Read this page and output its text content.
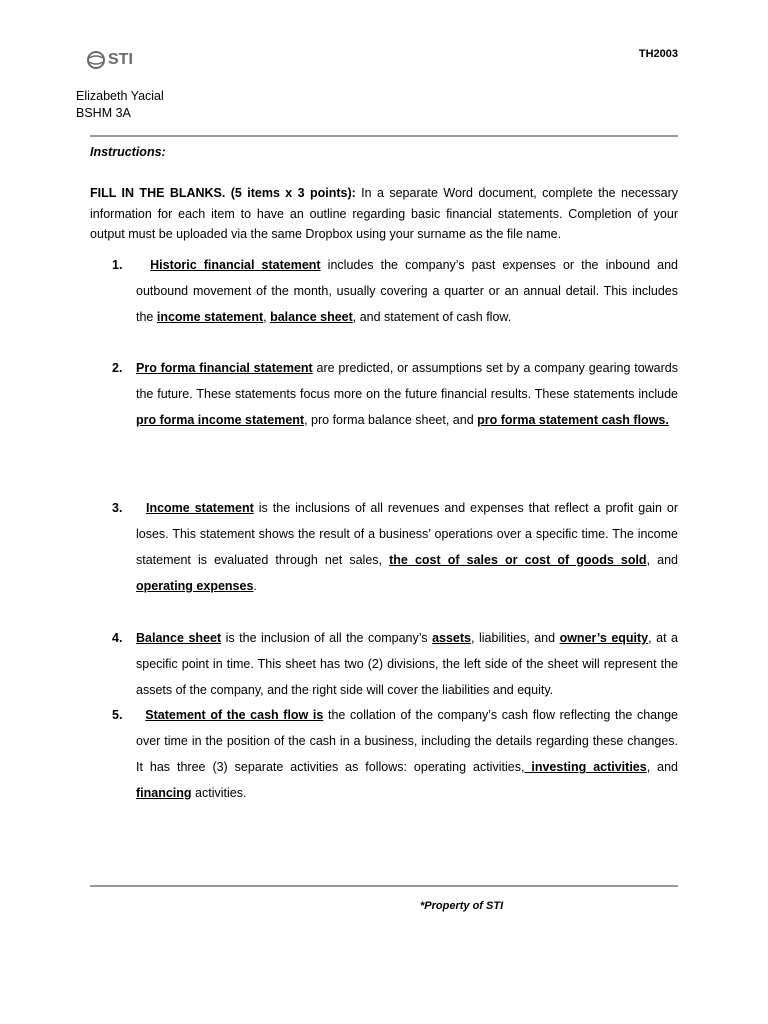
STI	TH2003
Elizabeth Yacial
BSHM 3A
Instructions:

FILL IN THE BLANKS. (5 items x 3 points): In a separate Word document, complete the necessary information for each item to have an outline regarding basic financial statements. Completion of your output must be uploaded via the same Dropbox using your surname as the file name.

1.	Historic financial statement includes the company’s past expenses or the inbound and outbound movement of the month, usually covering a quarter or an annual detail. This includes the income statement, balance sheet, and statement of cash flow.
2.	Pro forma financial statement are predicted, or assumptions set by a company gearing towards the future. These statements focus more on the future financial results. These statements include pro forma income statement, pro forma balance sheet, and pro forma statement cash flows.
3.	Income statement is the inclusions of all revenues and expenses that reflect a profit gain or loses. This statement shows the result of a business’ operations over a specific time. The income statement is evaluated through net sales, the cost of sales or cost of goods sold, and operating expenses.
4.	Balance sheet is the inclusion of all the company’s assets, liabilities, and owner’s equity, at a specific point in time. This sheet has two (2) divisions, the left side of the sheet will represent the assets of the company, and the right side will cover the liabilities and equity.
5.	Statement of the cash flow is the collation of the company’s cash flow reflecting the change over time in the position of the cash in a business, including the details regarding these changes. It has three (3) separate activities as follows: operating activities, investing activities, and financing activities.
*Property of STI
